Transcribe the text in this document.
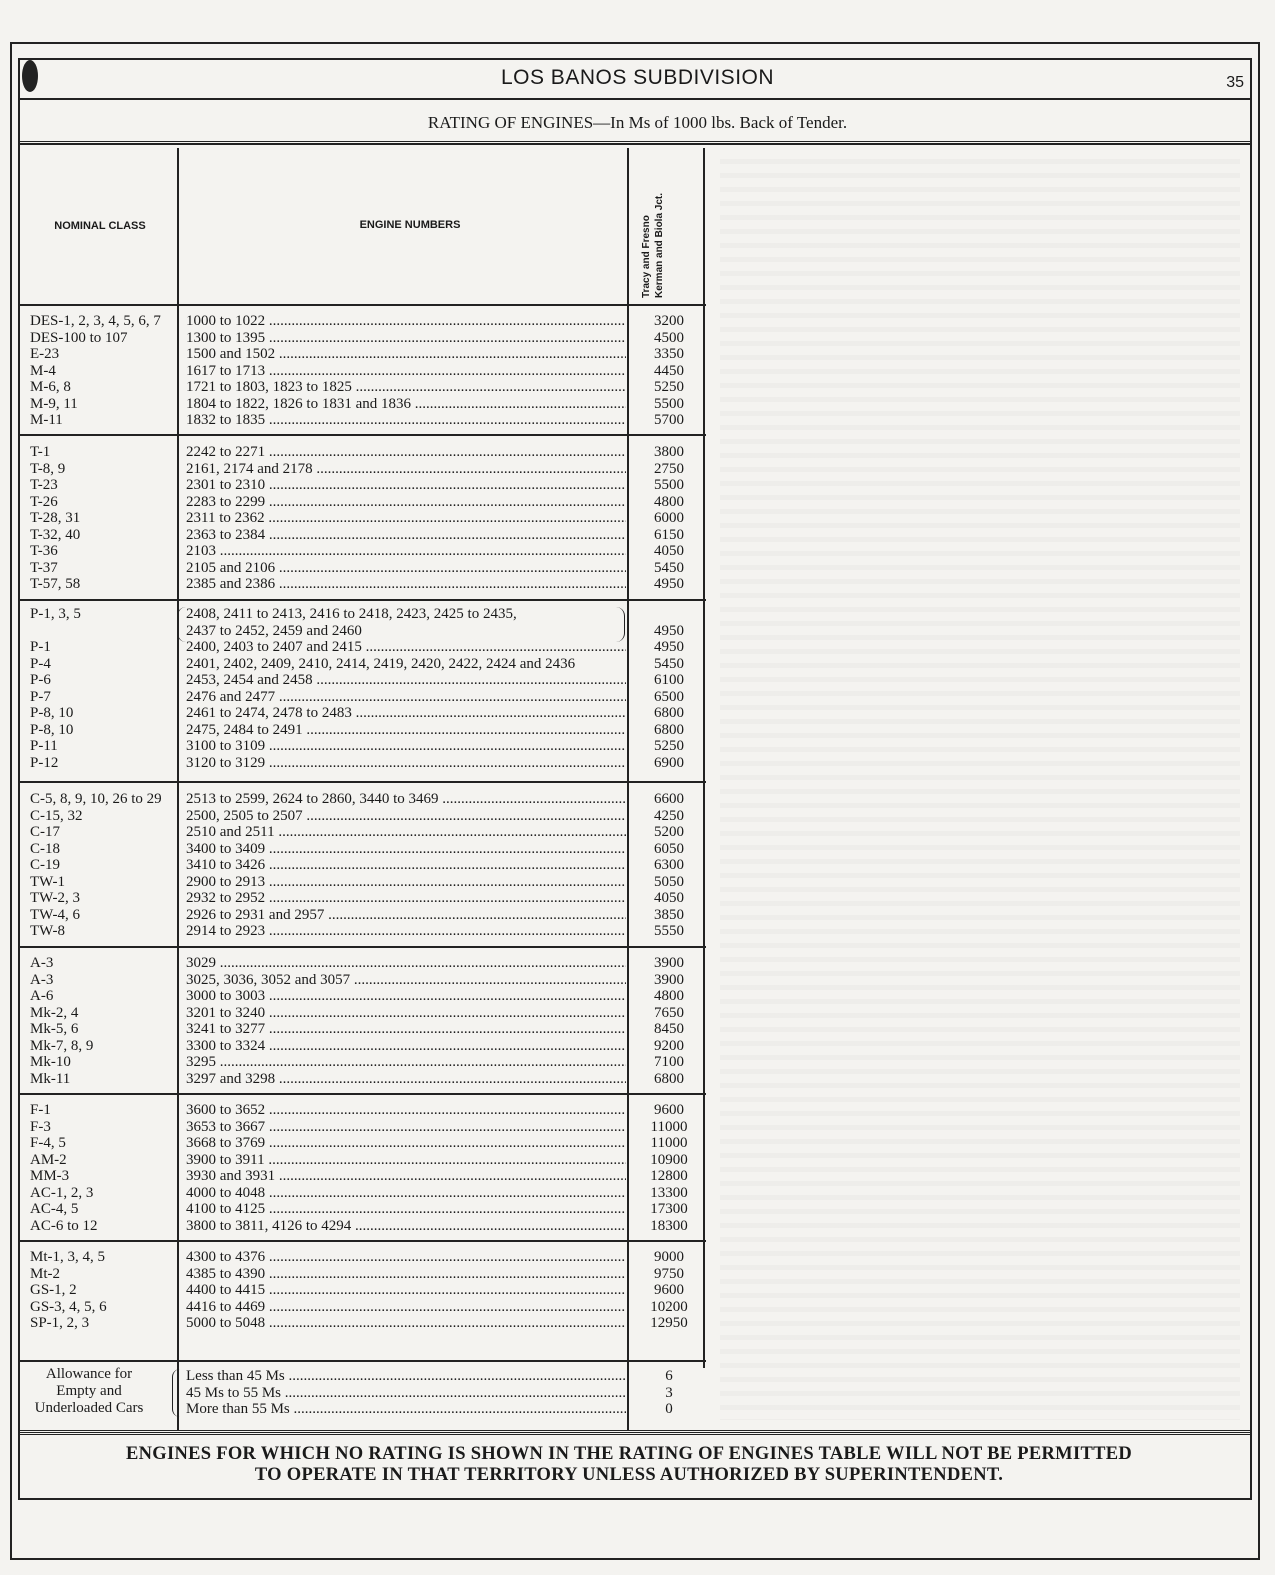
LOS BANOS SUBDIVISION	35
RATING OF ENGINES—In Ms of 1000 lbs. Back of Tender.
NOMINAL CLASS	ENGINE NUMBERS	Tracy and Fresno Kerman and Biola Jct.
DES-1, 2, 3, 4, 5, 6, 7	1000 to 1022 .....	3200
DES-100 to 107	1300 to 1395 .....	4500
E-23	1500 and 1502 .....	3350
M-4	1617 to 1713 .....	4450
M-6, 8	1721 to 1803, 1823 to 1825 .....	5250
M-9, 11	1804 to 1822, 1826 to 1831 and 1836 .....	5500
M-11	1832 to 1835 .....	5700
T-1	2242 to 2271 .....	3800
T-8, 9	2161, 2174 and 2178 .....	2750
T-23	2301 to 2310 .....	5500
T-26	2283 to 2299 .....	4800
T-28, 31	2311 to 2362 .....	6000
T-32, 40	2363 to 2384 .....	6150
T-36	2103 .....	4050
T-37	2105 and 2106 .....	5450
T-57, 58	2385 and 2386 .....	4950
P-1, 3, 5	2408, 2411 to 2413, 2416 to 2418, 2423, 2425 to 2435,
2437 to 2452, 2459 and 2460	4950
P-1	2400, 2403 to 2407 and 2415 .....	4950
P-4	2401, 2402, 2409, 2410, 2414, 2419, 2420, 2422, 2424 and 2436	5450
P-6	2453, 2454 and 2458 .....	6100
P-7	2476 and 2477 .....	6500
P-8, 10	2461 to 2474, 2478 to 2483 .....	6800
P-8, 10	2475, 2484 to 2491 .....	6800
P-11	3100 to 3109 .....	5250
P-12	3120 to 3129 .....	6900
C-5, 8, 9, 10, 26 to 29	2513 to 2599, 2624 to 2860, 3440 to 3469 .....	6600
C-15, 32	2500, 2505 to 2507 .....	4250
C-17	2510 and 2511 .....	5200
C-18	3400 to 3409 .....	6050
C-19	3410 to 3426 .....	6300
TW-1	2900 to 2913 .....	5050
TW-2, 3	2932 to 2952 .....	4050
TW-4, 6	2926 to 2931 and 2957 .....	3850
TW-8	2914 to 2923 .....	5550
A-3	3029 .....	3900
A-3	3025, 3036, 3052 and 3057 .....	3900
A-6	3000 to 3003 .....	4800
Mk-2, 4	3201 to 3240 .....	7650
Mk-5, 6	3241 to 3277 .....	8450
Mk-7, 8, 9	3300 to 3324 .....	9200
Mk-10	3295 .....	7100
Mk-11	3297 and 3298 .....	6800
F-1	3600 to 3652 .....	9600
F-3	3653 to 3667 .....	11000
F-4, 5	3668 to 3769 .....	11000
AM-2	3900 to 3911 .....	10900
MM-3	3930 and 3931 .....	12800
AC-1, 2, 3	4000 to 4048 .....	13300
AC-4, 5	4100 to 4125 .....	17300
AC-6 to 12	3800 to 3811, 4126 to 4294 .....	18300
Mt-1, 3, 4, 5	4300 to 4376 .....	9000
Mt-2	4385 to 4390 .....	9750
GS-1, 2	4400 to 4415 .....	9600
GS-3, 4, 5, 6	4416 to 4469 .....	10200
SP-1, 2, 3	5000 to 5048 .....	12950
Allowance for
Empty and
Underloaded Cars
Less than 45 Ms .....	6
45 Ms to 55 Ms .....	3
More than 55 Ms .....	0
ENGINES FOR WHICH NO RATING IS SHOWN IN THE RATING OF ENGINES TABLE WILL NOT BE PERMITTED
TO OPERATE IN THAT TERRITORY UNLESS AUTHORIZED BY SUPERINTENDENT.
